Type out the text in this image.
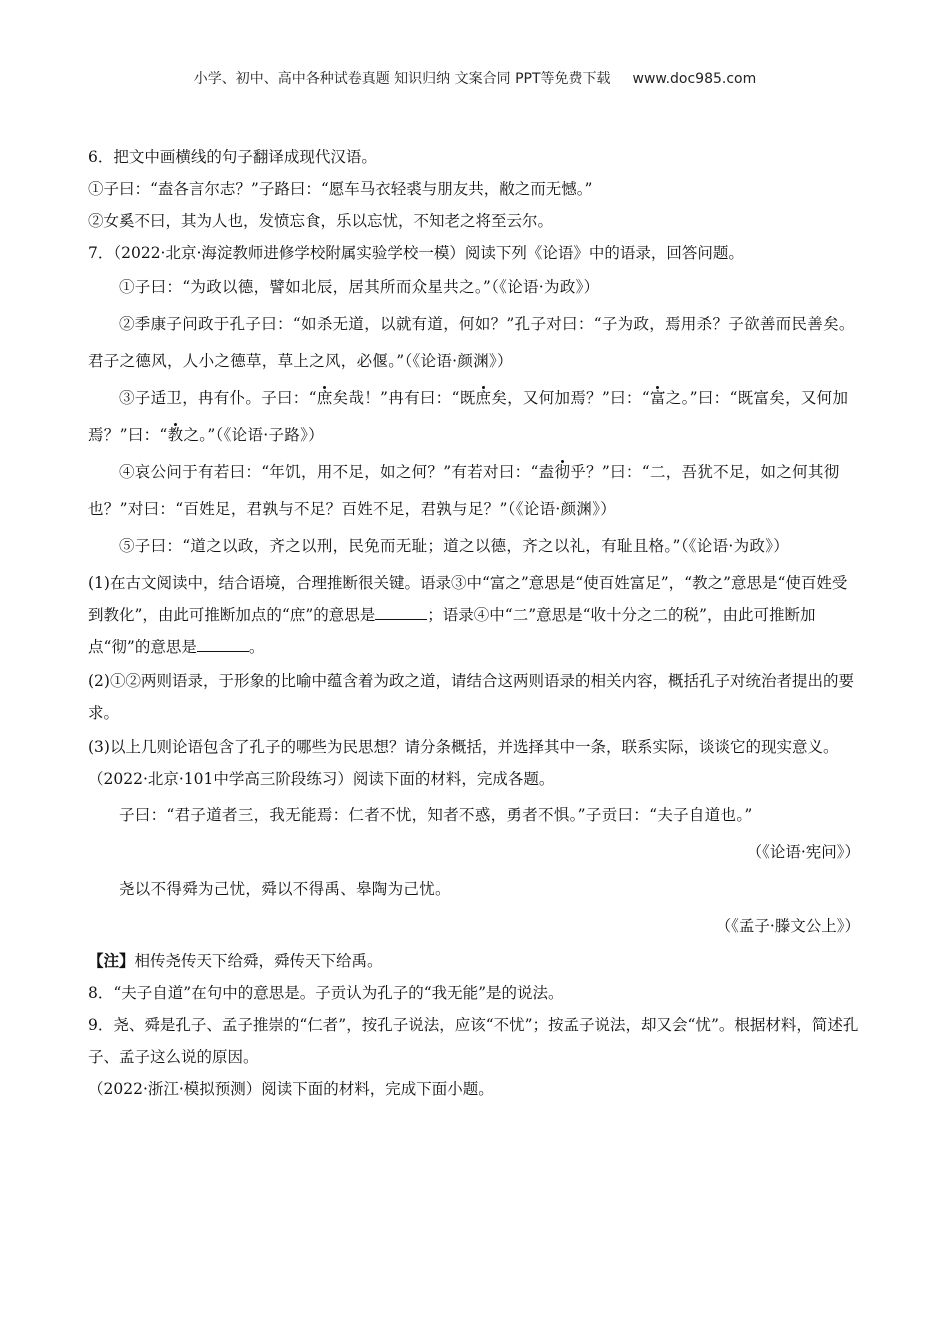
小学、初中、高中各种试卷真题 知识归纳 文案合同 PPT等免费下载 www.doc985.com

6．把文中画横线的句子翻译成现代汉语。

①子曰：“盍各言尔志？”子路曰：“愿车马衣轻裘与朋友共，敝之而无憾。”

②女奚不曰，其为人也，发愤忘食，乐以忘忧，不知老之将至云尔。

7．（2022·北京·海淀教师进修学校附属实验学校一模）阅读下列《论语》中的语录，回答问题。

①子曰：“为政以德，譬如北辰，居其所而众星共之。”（《论语·为政》）

②季康子问政于孔子曰：“如杀无道，以就有道，何如？”孔子对曰：“子为政，焉用杀？子欲善而民善矣。君子之德风，人小之德草，草上之风，必偃。”（《论语·颜渊》）

③子适卫，冉有仆。子曰：“庶矣哉！”冉有曰：“既庶矣，又何加焉？”曰：“富之。”曰：“既富矣，又何加焉？”曰：“教之。”（《论语·子路》）

④哀公问于有若曰：“年饥，用不足，如之何？”有若对曰：“盍彻乎？”曰：“二，吾犹不足，如之何其彻也？”对曰：“百姓足，君孰与不足？百姓不足，君孰与足？”（《论语·颜渊》）

⑤子曰：“道之以政，齐之以刑，民免而无耻；道之以德，齐之以礼，有耻且格。”（《论语·为政》）

(1)在古文阅读中，结合语境，合理推断很关键。语录③中“富之”意思是“使百姓富足”，“教之”意思是“使百姓受到教化”，由此可推断加点的“庶”的意思是	；语录④中“二”意思是“收十分之二的税”，由此可推断加点“彻”的意思是	。

(2)①②两则语录，于形象的比喻中蕴含着为政之道，请结合这两则语录的相关内容，概括孔子对统治者提出的要求。

(3)以上几则论语包含了孔子的哪些为民思想？请分条概括，并选择其中一条，联系实际，谈谈它的现实意义。

（2022·北京·101中学高三阶段练习）阅读下面的材料，完成各题。

子曰：“君子道者三，我无能焉：仁者不忧，知者不惑，勇者不惧。”子贡曰：“夫子自道也。”

（《论语·宪问》）

尧以不得舜为己忧，舜以不得禹、皋陶为己忧。

（《孟子·滕文公上》）

【注】相传尧传天下给舜，舜传天下给禹。

8．“夫子自道”在句中的意思是。子贡认为孔子的“我无能”是的说法。

9．尧、舜是孔子、孟子推崇的“仁者”，按孔子说法，应该“不忧”；按孟子说法，却又会“忧”。根据材料，简述孔子、孟子这么说的原因。

（2022·浙江·模拟预测）阅读下面的材料，完成下面小题。
